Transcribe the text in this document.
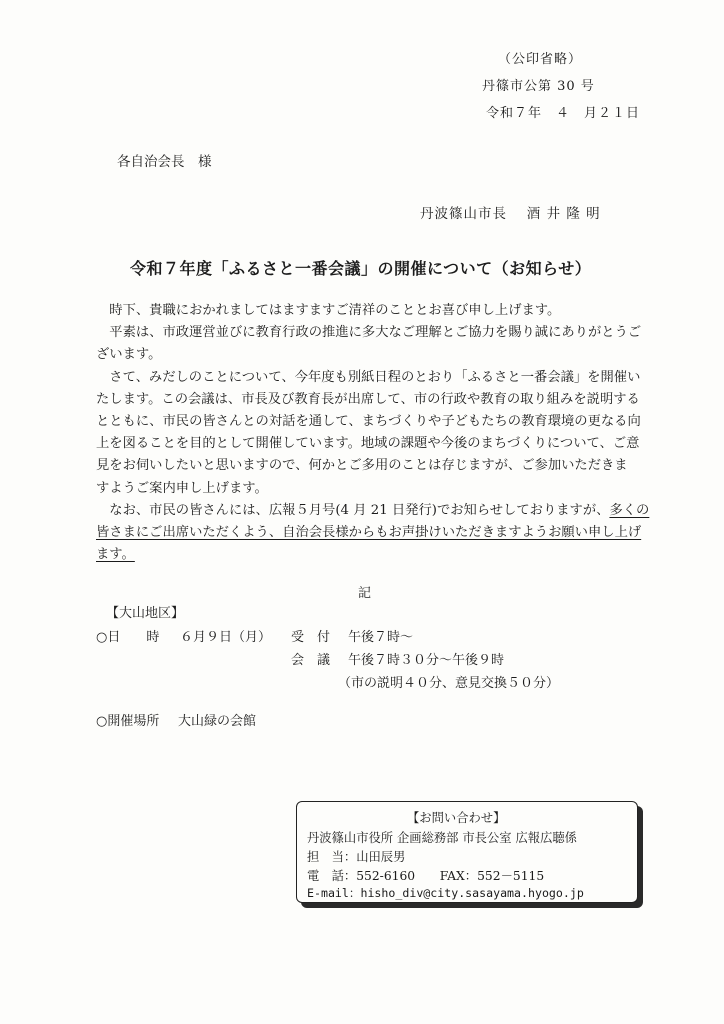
（公印省略）
丹篠市公第 30 号
令和７年　４　月２１日
各自治会長　様
丹波篠山市長　 酒 井 隆 明
令和７年度「ふるさと一番会議」の開催について（お知らせ）
　時下、貴職におかれましてはますますご清祥のこととお喜び申し上げます。
　平素は、市政運営並びに教育行政の推進に多大なご理解とご協力を賜り誠にありがとうご
ざいます。
　さて、みだしのことについて、今年度も別紙日程のとおり「ふるさと一番会議」を開催い
たします。この会議は、市長及び教育長が出席して、市の行政や教育の取り組みを説明する
とともに、市民の皆さんとの対話を通して、まちづくりや子どもたちの教育環境の更なる向
上を図ることを目的として開催しています。地域の課題や今後のまちづくりについて、ご意
見をお伺いしたいと思いますので、何かとご多用のことは存じますが、ご参加いただきま
すようご案内申し上げます。
　なお、市民の皆さんには、広報５月号(4 月 21 日発行)でお知らせしておりますが、多くの
皆さまにご出席いただくよう、自治会長様からもお声掛けいただきますようお願い申し上げ
ます。
記
【大山地区】
○日　　時 ６月９日（月） 受　付 午後７時～
会　議 午後７時３０分～午後９時
（市の説明４０分、意見交換５０分）
○開催場所 大山緑の会館
【お問い合わせ】
丹波篠山市役所 企画総務部 市長公室 広報広聴係
担　当：山田辰男
電　話：552-6160　　FAX：552－5115
E-mail：hisho_div@city.sasayama.hyogo.jp
